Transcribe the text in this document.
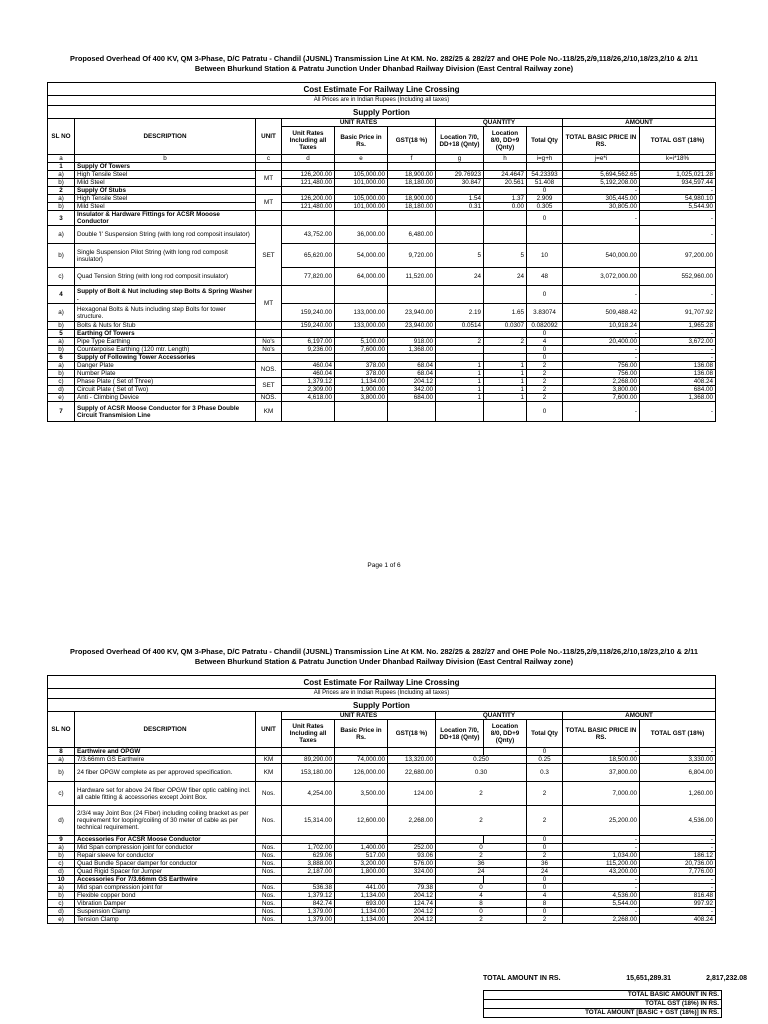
Proposed Overhead Of 400 KV, QM 3-Phase, D/C Patratu - Chandil (JUSNL) Transmission Line At KM. No. 282/25 & 282/27 and OHE Pole No.-118/25,2/9,118/26,2/10,18/23,2/10 & 2/11
Between Bhurkund Station & Patratu Junction Under Dhanbad Railway Division (East Central Railway zone)
Cost Estimate For Railway Line Crossing										
All Prices are in Indian Rupees (Including all taxes)										
Supply Portion										
SL NO	DESCRIPTION	UNIT	UNIT RATES			QUANTITY			AMOUNT	
			Unit Rates Including all Taxes	Basic Price in Rs.	GST(18 %)	Location 7/0, DD+18 (Qnty)	Location 8/0, DD+9 (Qnty)	Total Qty	TOTAL BASIC PRICE IN RS.	TOTAL GST (18%)
a	b	c	d	e	f	g	h	i=g+h	j=e*i	k=i*18%
1	Supply Of Towers									
a)	High Tensile Steel	MT	126,200.00	105,000.00	18,900.00	29.76923	24.4647	54.23393	5,694,562.65	1,025,021.28
b)	Mild Steel		121,480.00	101,000.00	18,180.00	30.847	20.561	51.408	5,192,208.00	934,597.44
2	Supply Of Stubs							0	-	-
a)	High Tensile Steel	MT	126,200.00	105,000.00	18,900.00	1.54	1.37	2.909	305,445.00	54,980.10
b)	Mild Steel		121,480.00	101,000.00	18,180.00	0.31	0.00	0.305	30,805.00	5,544.90
3	Insulator & Hardware Fittings for ACSR Mooose Conductor							0	-	-
a)	Double 'I' Suspension String (with long rod composit insulator)	SET	43,752.00	36,000.00	6,480.00					-
b)	Single Suspension Pilot String (with long rod composit insulator)		65,620.00	54,000.00	9,720.00	5	5	10	540,000.00	97,200.00
c)	Quad Tension String (with long rod composit insulator)		77,820.00	64,000.00	11,520.00	24	24	48	3,072,000.00	552,960.00
4	Supply of Bolt & Nut including step Bolts & Spring Washer .	MT						0	-	-
a)	Hexagonal Bolts & Nuts including step Bolts for tower structure.		159,240.00	133,000.00	23,940.00	2.19	1.65	3.83074	509,488.42	91,707.92
b)	Bolts & Nuts for Stub		159,240.00	133,000.00	23,940.00	0.0514	0.0307	0.082092	10,918.24	1,965.28
5	Earthing Of Towers							0	-	-
a)	Pipe Type Earthing	No's	6,197.00	5,100.00	918.00	2	2	4	20,400.00	3,672.00
b)	Counterpoise Earthing (120 mtr. Length)	No's	9,236.00	7,600.00	1,368.00			0	-	-
6	Supply of Following Tower Accessories							0	-	-
a)	Danger Plate	NOS.	460.04	378.00	68.04	1	1	2	756.00	136.08
b)	Number Plate		460.04	378.00	68.04	1	1	2	756.00	136.08
c)	Phase Plate ( Set of Three)	SET	1,379.12	1,134.00	204.12	1	1	2	2,268.00	408.24
d)	Circuit Plate ( Set of Two)		2,309.00	1,900.00	342.00	1	1	2	3,800.00	684.00
e)	Anti - Climbing Device	NOS.	4,618.00	3,800.00	684.00	1	1	2	7,600.00	1,368.00
7	Supply of ACSR Moose Conductor for 3 Phase Double Circuit Transmision Line	KM						0	-	-
Page 1 of 6
Proposed Overhead Of 400 KV, QM 3-Phase, D/C Patratu - Chandil (JUSNL) Transmission Line At KM. No. 282/25 & 282/27 and OHE Pole No.-118/25,2/9,118/26,2/10,18/23,2/10 & 2/11
Between Bhurkund Station & Patratu Junction Under Dhanbad Railway Division (East Central Railway zone)
Cost Estimate For Railway Line Crossing										
All Prices are in Indian Rupees (Including all taxes)										
Supply Portion										
SL NO	DESCRIPTION	UNIT	UNIT RATES			QUANTITY			AMOUNT	
			Unit Rates Including all Taxes	Basic Price in Rs.	GST(18 %)	Location 7/0, DD+18 (Qnty)	Location 8/0, DD+9 (Qnty)	Total Qty	TOTAL BASIC PRICE IN RS.	TOTAL GST (18%)
8	Earthwire and OPGW							0	-	-
a)	7/3.66mm GS Earthwire	KM	89,290.00	74,000.00	13,320.00	0.250		0.25	18,500.00	3,330.00
b)	24 fiber OPGW complete as per approved specification.	KM	153,180.00	126,000.00	22,680.00	0.30		0.3	37,800.00	6,804.00
c)	Hardware set for above 24 fiber OPGW fiber optic cabling incl. all cable fitting & accessories except Joint Box.	Nos.	4,254.00	3,500.00	124.00	2		2	7,000.00	1,260.00
d)	2/3/4 way Joint Box (24 Fiber) including coiling bracket as per requirement for looping/coiling of 30 meter of cable as per technical requirement.	Nos.	15,314.00	12,600.00	2,268.00	2		2	25,200.00	4,536.00
9	Accessories For ACSR Moose Conductor							0	-	-
a)	Mid Span compression joint for conductor	Nos.	1,702.00	1,400.00	252.00	0		0	-	-
b)	Repair sleeve for conductor	Nos.	629.06	517.00	93.06	2		2	1,034.00	186.12
c)	Quad Bundle Spacer damper for conductor	Nos.	3,888.00	3,200.00	576.00	36		36	115,200.00	20,736.00
d)	Quad Rigid Spacer for Jumper	Nos.	2,187.00	1,800.00	324.00	24		24	43,200.00	7,776.00
10	Accessories For 7/3.66mm GS Earthwire							0	-	-
a)	Mid span compression joint for	Nos.	536.38	441.00	79.38	0		0	-	-
b)	Flexible copper bond	Nos.	1,379.12	1,134.00	204.12	4		4	4,536.00	816.48
c)	Vibration Damper	Nos.	842.74	693.00	124.74	8		8	5,544.00	997.92
d)	Suspension Clamp	Nos.	1,379.00	1,134.00	204.12	0		0	-	-
e)	Tension Clamp	Nos.	1,379.00	1,134.00	204.12	2		2	2,268.00	408.24
TOTAL AMOUNT IN RS.	15,651,289.31	2,817,232.08
TOTAL BASIC AMOUNT IN RS.
TOTAL GST (18%) IN RS.
TOTAL AMOUNT [BASIC + GST (18%)] IN RS.
